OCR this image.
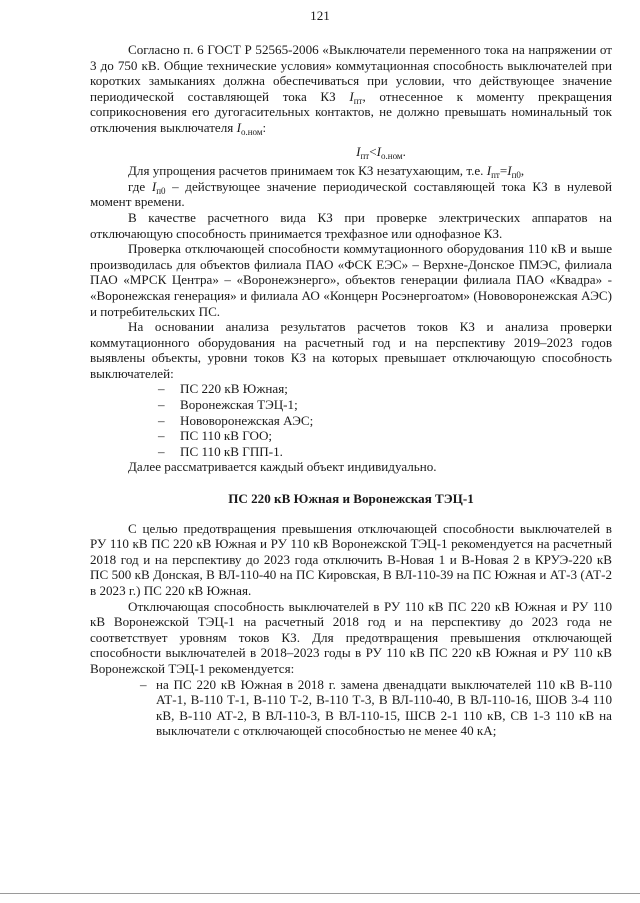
121

Согласно п. 6 ГОСТ Р 52565-2006 «Выключатели переменного тока на напряжении от 3 до 750 кВ. Общие технические условия» коммутационная способность выключателей при коротких замыканиях должна обеспечиваться при условии, что действующее значение периодической составляющей тока КЗ $I_{пт}$, отнесенное к моменту прекращения соприкосновения его дугогасительных контактов, не должно превышать номинальный ток отключения выключателя $I_{о.ном}$:

$I_{пт}<I_{о.ном}$.

Для упрощения расчетов принимаем ток КЗ незатухающим, т.е. $I_{пт}=I_{п0}$,

где $I_{п0}$ – действующее значение периодической составляющей тока КЗ в нулевой момент времени.

В качестве расчетного вида КЗ при проверке электрических аппаратов на отключающую способность принимается трехфазное или однофазное КЗ.

Проверка отключающей способности коммутационного оборудования 110 кВ и выше производилась для объектов филиала ПАО «ФСК ЕЭС» – Верхне-Донское ПМЭС, филиала ПАО «МРСК Центра» – «Воронежэнерго», объектов генерации филиала ПАО «Квадра» - «Воронежская генерация» и филиала АО «Концерн Росэнергоатом» (Нововоронежская АЭС) и потребительских ПС.

На основании анализа результатов расчетов токов КЗ и анализа проверки коммутационного оборудования на расчетный год и на перспективу 2019–2023 годов выявлены объекты, уровни токов КЗ на которых превышает отключающую способность выключателей:

– ПС 220 кВ Южная;
– Воронежская ТЭЦ-1;
– Нововоронежская АЭС;
– ПС 110 кВ ГОО;
– ПС 110 кВ ГПП-1.

Далее рассматривается каждый объект индивидуально.

ПС 220 кВ Южная и Воронежская ТЭЦ-1

С целью предотвращения превышения отключающей способности выключателей в РУ 110 кВ ПС 220 кВ Южная и РУ 110 кВ Воронежской ТЭЦ-1 рекомендуется на расчетный 2018 год и на перспективу до 2023 года отключить В-Новая 1 и В-Новая 2 в КРУЭ-220 кВ ПС 500 кВ Донская, В ВЛ-110-40 на ПС Кировская, В ВЛ-110-39 на ПС Южная и АТ-3 (АТ-2 в 2023 г.) ПС 220 кВ Южная.

Отключающая способность выключателей в РУ 110 кВ ПС 220 кВ Южная и РУ 110 кВ Воронежской ТЭЦ-1 на расчетный 2018 год и на перспективу до 2023 года не соответствует уровням токов КЗ. Для предотвращения превышения отключающей способности выключателей в 2018–2023 годы в РУ 110 кВ ПС 220 кВ Южная и РУ 110 кВ Воронежской ТЭЦ-1 рекомендуется:

– на ПС 220 кВ Южная в 2018 г. замена двенадцати выключателей 110 кВ В-110 АТ-1, В-110 Т-1, В-110 Т-2, В-110 Т-3, В ВЛ-110-40, В ВЛ-110-16, ШОВ 3-4 110 кВ, В-110 АТ-2, В ВЛ-110-3, В ВЛ-110-15, ШСВ 2-1 110 кВ, СВ 1-3 110 кВ на выключатели с отключающей способностью не менее 40 кА;
